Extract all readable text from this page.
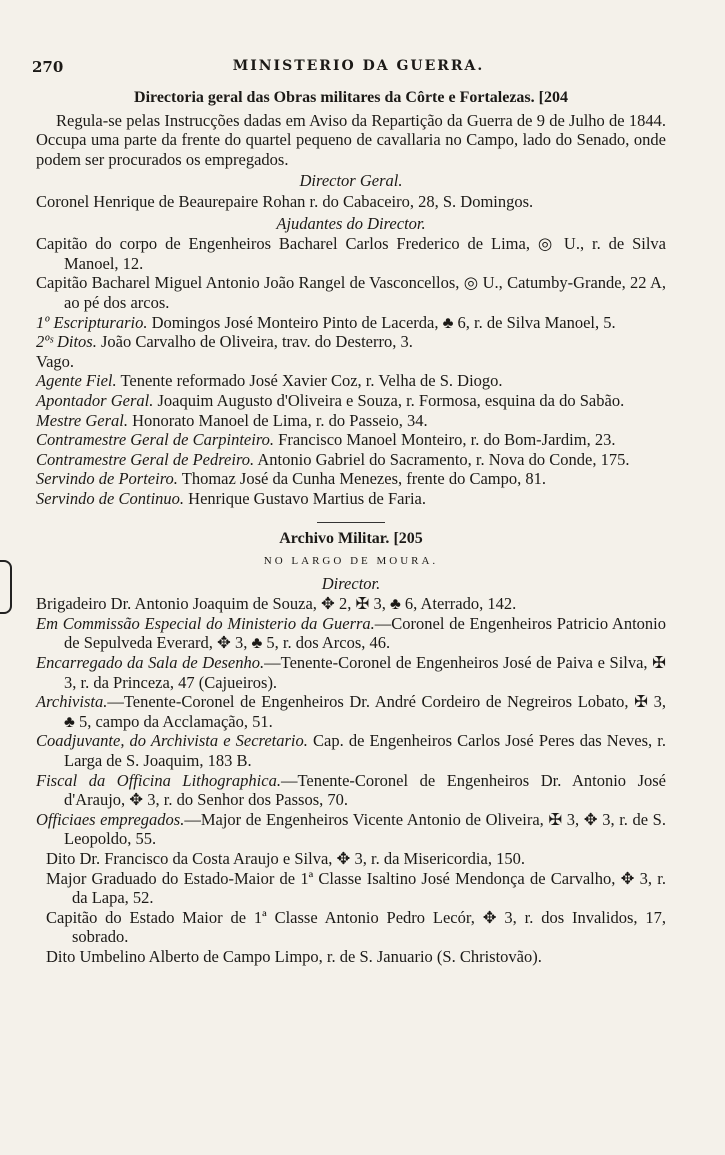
270	MINISTERIO DA GUERRA.
Directoria geral das Obras militares da Côrte e Fortalezas. [204

Regula-se pelas Instrucções dadas em Aviso da Repartição da Guerra de 9 de Julho de 1844. Occupa uma parte da frente do quartel pequeno de cavallaria no Campo, lado do Senado, onde podem ser procurados os empregados.

Director Geral.

Coronel Henrique de Beaurepaire Rohan r. do Cabaceiro, 28, S. Domingos.

Ajudantes do Director.

Capitão do corpo de Engenheiros Bacharel Carlos Frederico de Lima, ◎ U., r. de Silva Manoel, 12.

Capitão Bacharel Miguel Antonio João Rangel de Vasconcellos, ◎ U., Catumby-Grande, 22 A, ao pé dos arcos.

1º Escripturario. Domingos José Monteiro Pinto de Lacerda, ♣ 6, r. de Silva Manoel, 5.

2ºˢ Ditos. João Carvalho de Oliveira, trav. do Desterro, 3.

Vago.

Agente Fiel. Tenente reformado José Xavier Coz, r. Velha de S. Diogo.

Apontador Geral. Joaquim Augusto d'Oliveira e Souza, r. Formosa, esquina da do Sabão.

Mestre Geral. Honorato Manoel de Lima, r. do Passeio, 34.

Contramestre Geral de Carpinteiro. Francisco Manoel Monteiro, r. do Bom-Jardim, 23.

Contramestre Geral de Pedreiro. Antonio Gabriel do Sacramento, r. Nova do Conde, 175.

Servindo de Porteiro. Thomaz José da Cunha Menezes, frente do Campo, 81.

Servindo de Continuo. Henrique Gustavo Martius de Faria.

Archivo Militar. [205
NO LARGO DE MOURA.
Director.

Brigadeiro Dr. Antonio Joaquim de Souza, ✥ 2, ✠ 3, ♣ 6, Aterrado, 142.

Em Commissão Especial do Ministerio da Guerra.—Coronel de Engenheiros Patricio Antonio de Sepulveda Everard, ✥ 3, ♣ 5, r. dos Arcos, 46.

Encarregado da Sala de Desenho.—Tenente-Coronel de Engenheiros José de Paiva e Silva, ✠ 3, r. da Princeza, 47 (Cajueiros).

Archivista.—Tenente-Coronel de Engenheiros Dr. André Cordeiro de Negreiros Lobato, ✠ 3, ♣ 5, campo da Acclamação, 51.

Coadjuvante, do Archivista e Secretario. Cap. de Engenheiros Carlos José Peres das Neves, r. Larga de S. Joaquim, 183 B.

Fiscal da Officina Lithographica.—Tenente-Coronel de Engenheiros Dr. Antonio José d'Araujo, ✥ 3, r. do Senhor dos Passos, 70.

Officiaes empregados.—Major de Engenheiros Vicente Antonio de Oliveira, ✠ 3, ✥ 3, r. de S. Leopoldo, 55.

Dito Dr. Francisco da Costa Araujo e Silva, ✥ 3, r. da Misericordia, 150.

Major Graduado do Estado-Maior de 1ª Classe Isaltino José Mendonça de Carvalho, ✥ 3, r. da Lapa, 52.

Capitão do Estado Maior de 1ª Classe Antonio Pedro Lecór, ✥ 3, r. dos Invalidos, 17, sobrado.

Dito Umbelino Alberto de Campo Limpo, r. de S. Januario (S. Christovão).
